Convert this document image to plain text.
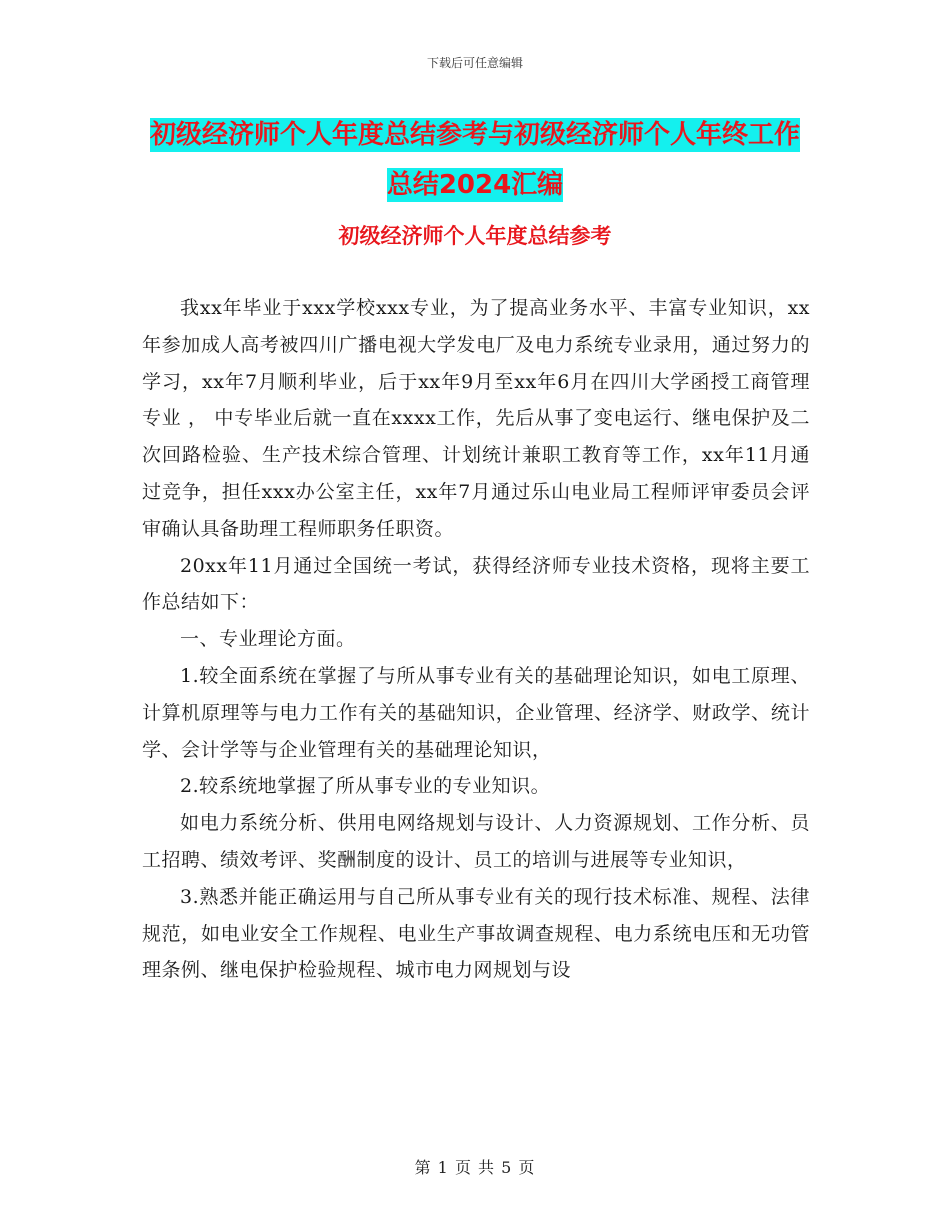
下载后可任意编辑
初级经济师个人年度总结参考与初级经济师个人年终工作总结2024汇编
初级经济师个人年度总结参考

我xx年毕业于xxx学校xxx专业，为了提高业务水平、丰富专业知识，xx年参加成人高考被四川广播电视大学发电厂及电力系统专业录用，通过努力的学习，xx年7月顺利毕业，后于xx年9月至xx年6月在四川大学函授工商管理专业 ， 中专毕业后就一直在xxxx工作，先后从事了变电运行、继电保护及二次回路检验、生产技术综合管理、计划统计兼职工教育等工作，xx年11月通过竞争，担任xxx办公室主任，xx年7月通过乐山电业局工程师评审委员会评审确认具备助理工程师职务任职资。

20xx年11月通过全国统一考试，获得经济师专业技术资格，现将主要工作总结如下：

一、专业理论方面。

1.较全面系统在掌握了与所从事专业有关的基础理论知识，如电工原理、计算机原理等与电力工作有关的基础知识，企业管理、经济学、财政学、统计学、会计学等与企业管理有关的基础理论知识，

2.较系统地掌握了所从事专业的专业知识。

如电力系统分析、供用电网络规划与设计、人力资源规划、工作分析、员工招聘、绩效考评、奖酬制度的设计、员工的培训与进展等专业知识，

3.熟悉并能正确运用与自己所从事专业有关的现行技术标准、规程、法律规范，如电业安全工作规程、电业生产事故调查规程、电力系统电压和无功管理条例、继电保护检验规程、城市电力网规划与设

第 1 页 共 5 页
